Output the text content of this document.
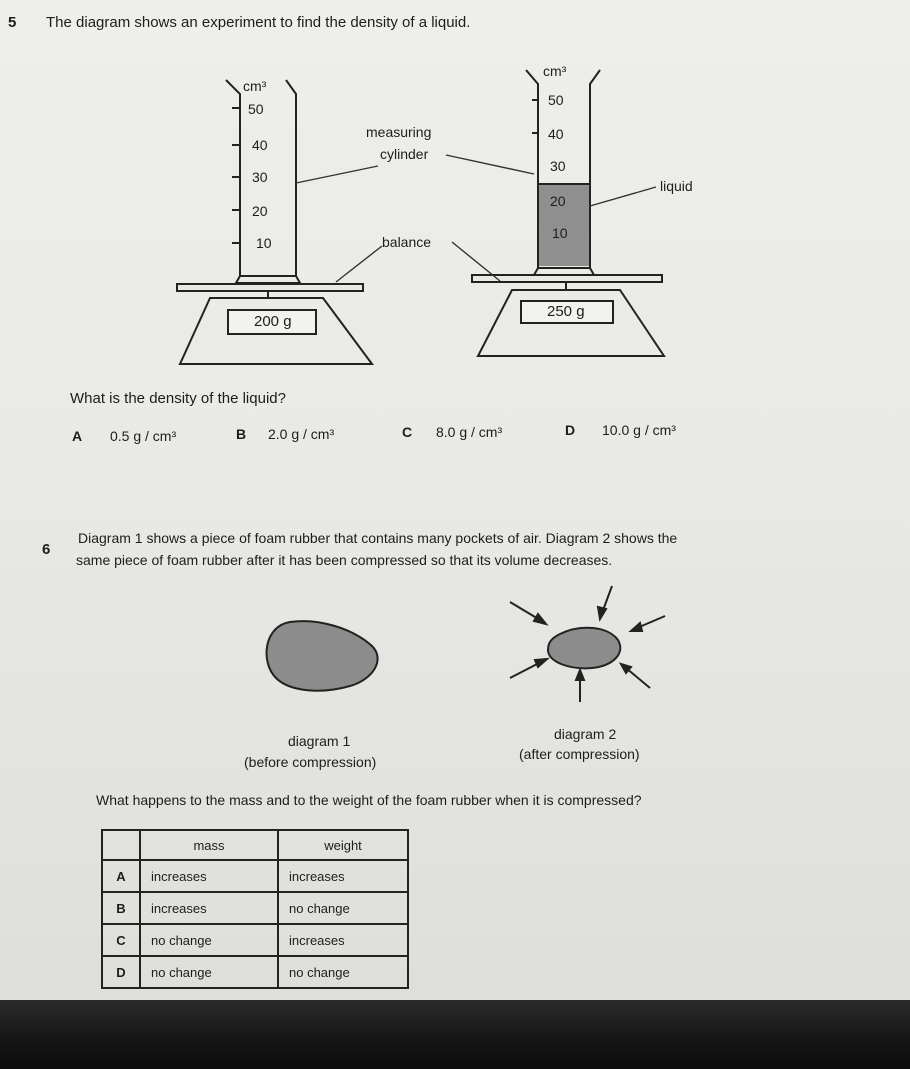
5 The diagram shows an experiment to find the density of a liquid.
cm³
50
40
30
20
10
200 g
cm³
50
40
30
20
10
250 g
measuring
cylinder
balance
liquid
What is the density of the liquid?
A 0.5 g / cm³	B 2.0 g / cm³	C 8.0 g / cm³	D 10.0 g / cm³
6
Diagram 1 shows a piece of foam rubber that contains many pockets of air. Diagram 2 shows the
same piece of foam rubber after it has been compressed so that its volume decreases.
diagram 1
(before compression)
diagram 2
(after compression)
What happens to the mass and to the weight of the foam rubber when it is compressed?
	mass	weight
A	increases	increases
B	increases	no change
C	no change	increases
D	no change	no change
